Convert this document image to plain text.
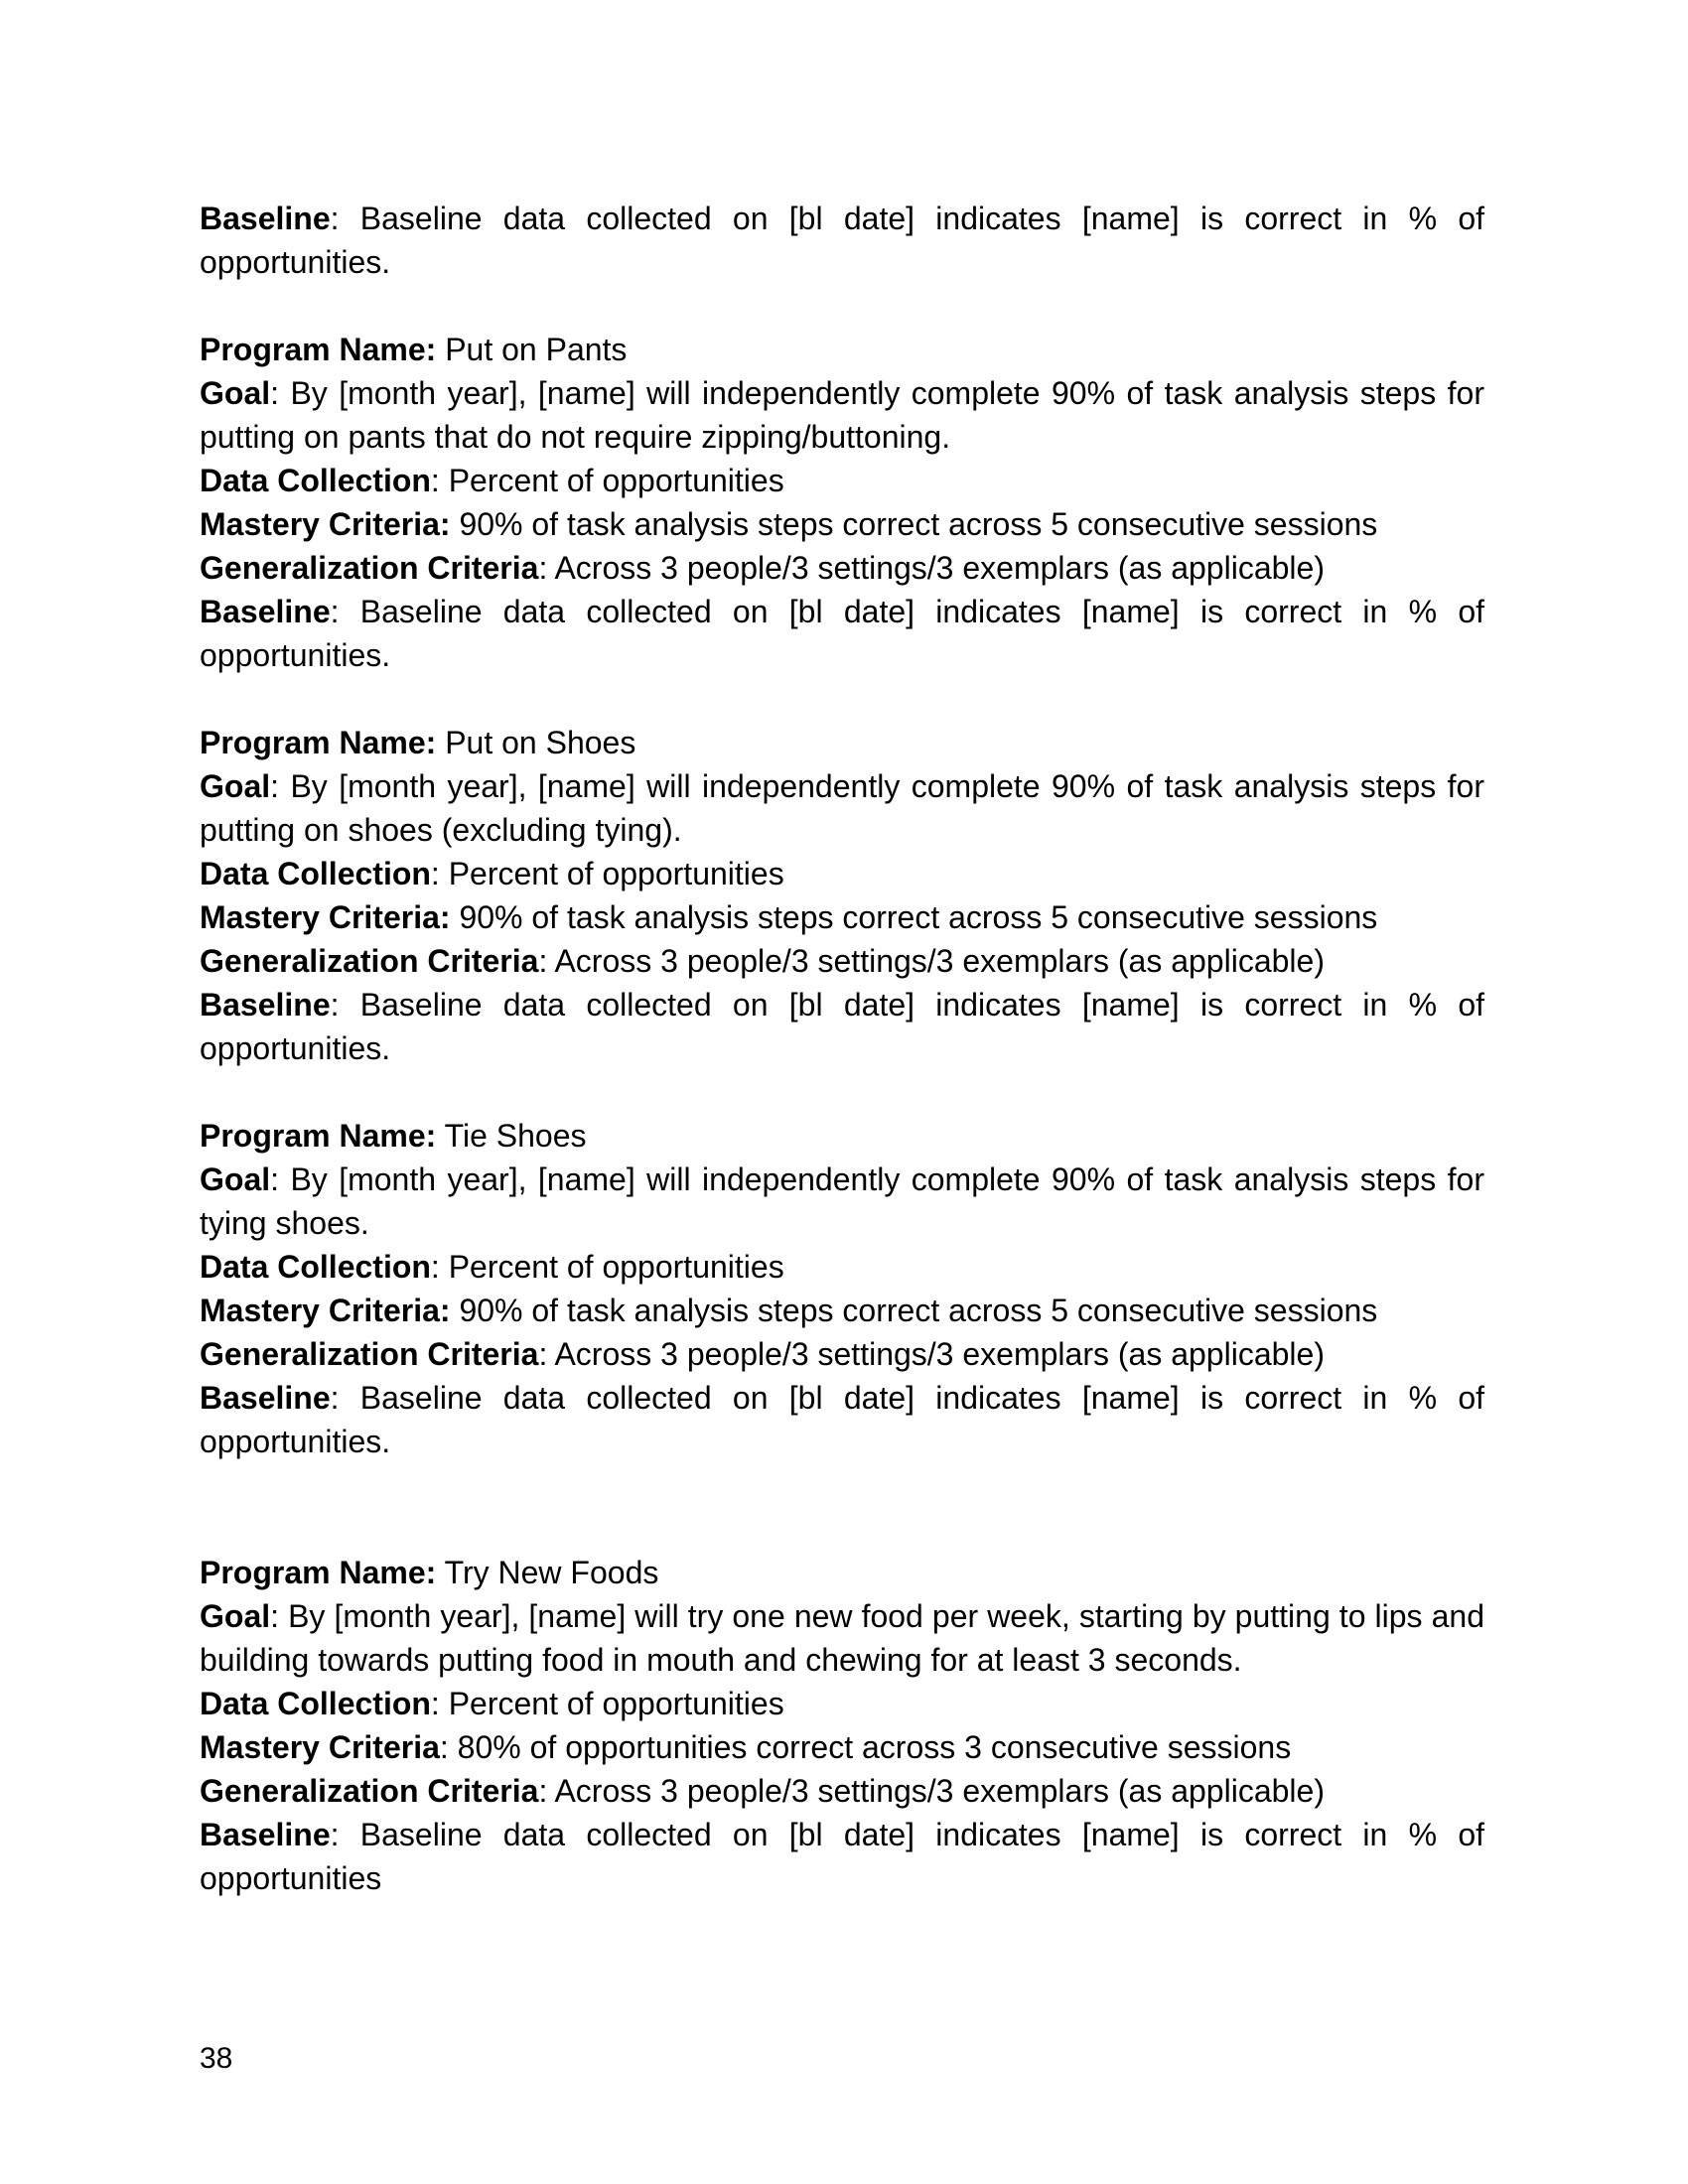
Baseline: Baseline data collected on [bl date] indicates [name] is correct in % of opportunities.

Program Name: Put on Pants

Goal: By [month year], [name] will independently complete 90% of task analysis steps for putting on pants that do not require zipping/buttoning.

Data Collection: Percent of opportunities

Mastery Criteria: 90% of task analysis steps correct across 5 consecutive sessions

Generalization Criteria: Across 3 people/3 settings/3 exemplars (as applicable)

Baseline: Baseline data collected on [bl date] indicates [name] is correct in % of opportunities.

Program Name: Put on Shoes

Goal: By [month year], [name] will independently complete 90% of task analysis steps for putting on shoes (excluding tying).

Data Collection: Percent of opportunities

Mastery Criteria: 90% of task analysis steps correct across 5 consecutive sessions

Generalization Criteria: Across 3 people/3 settings/3 exemplars (as applicable)

Baseline: Baseline data collected on [bl date] indicates [name] is correct in % of opportunities.

Program Name: Tie Shoes

Goal: By [month year], [name] will independently complete 90% of task analysis steps for tying shoes.

Data Collection: Percent of opportunities

Mastery Criteria: 90% of task analysis steps correct across 5 consecutive sessions

Generalization Criteria: Across 3 people/3 settings/3 exemplars (as applicable)

Baseline: Baseline data collected on [bl date] indicates [name] is correct in % of opportunities.

Program Name: Try New Foods

Goal: By [month year], [name] will try one new food per week, starting by putting to lips and building towards putting food in mouth and chewing for at least 3 seconds.

Data Collection: Percent of opportunities

Mastery Criteria: 80% of opportunities correct across 3 consecutive sessions

Generalization Criteria: Across 3 people/3 settings/3 exemplars (as applicable)

Baseline: Baseline data collected on [bl date] indicates [name] is correct in % of opportunities

38
